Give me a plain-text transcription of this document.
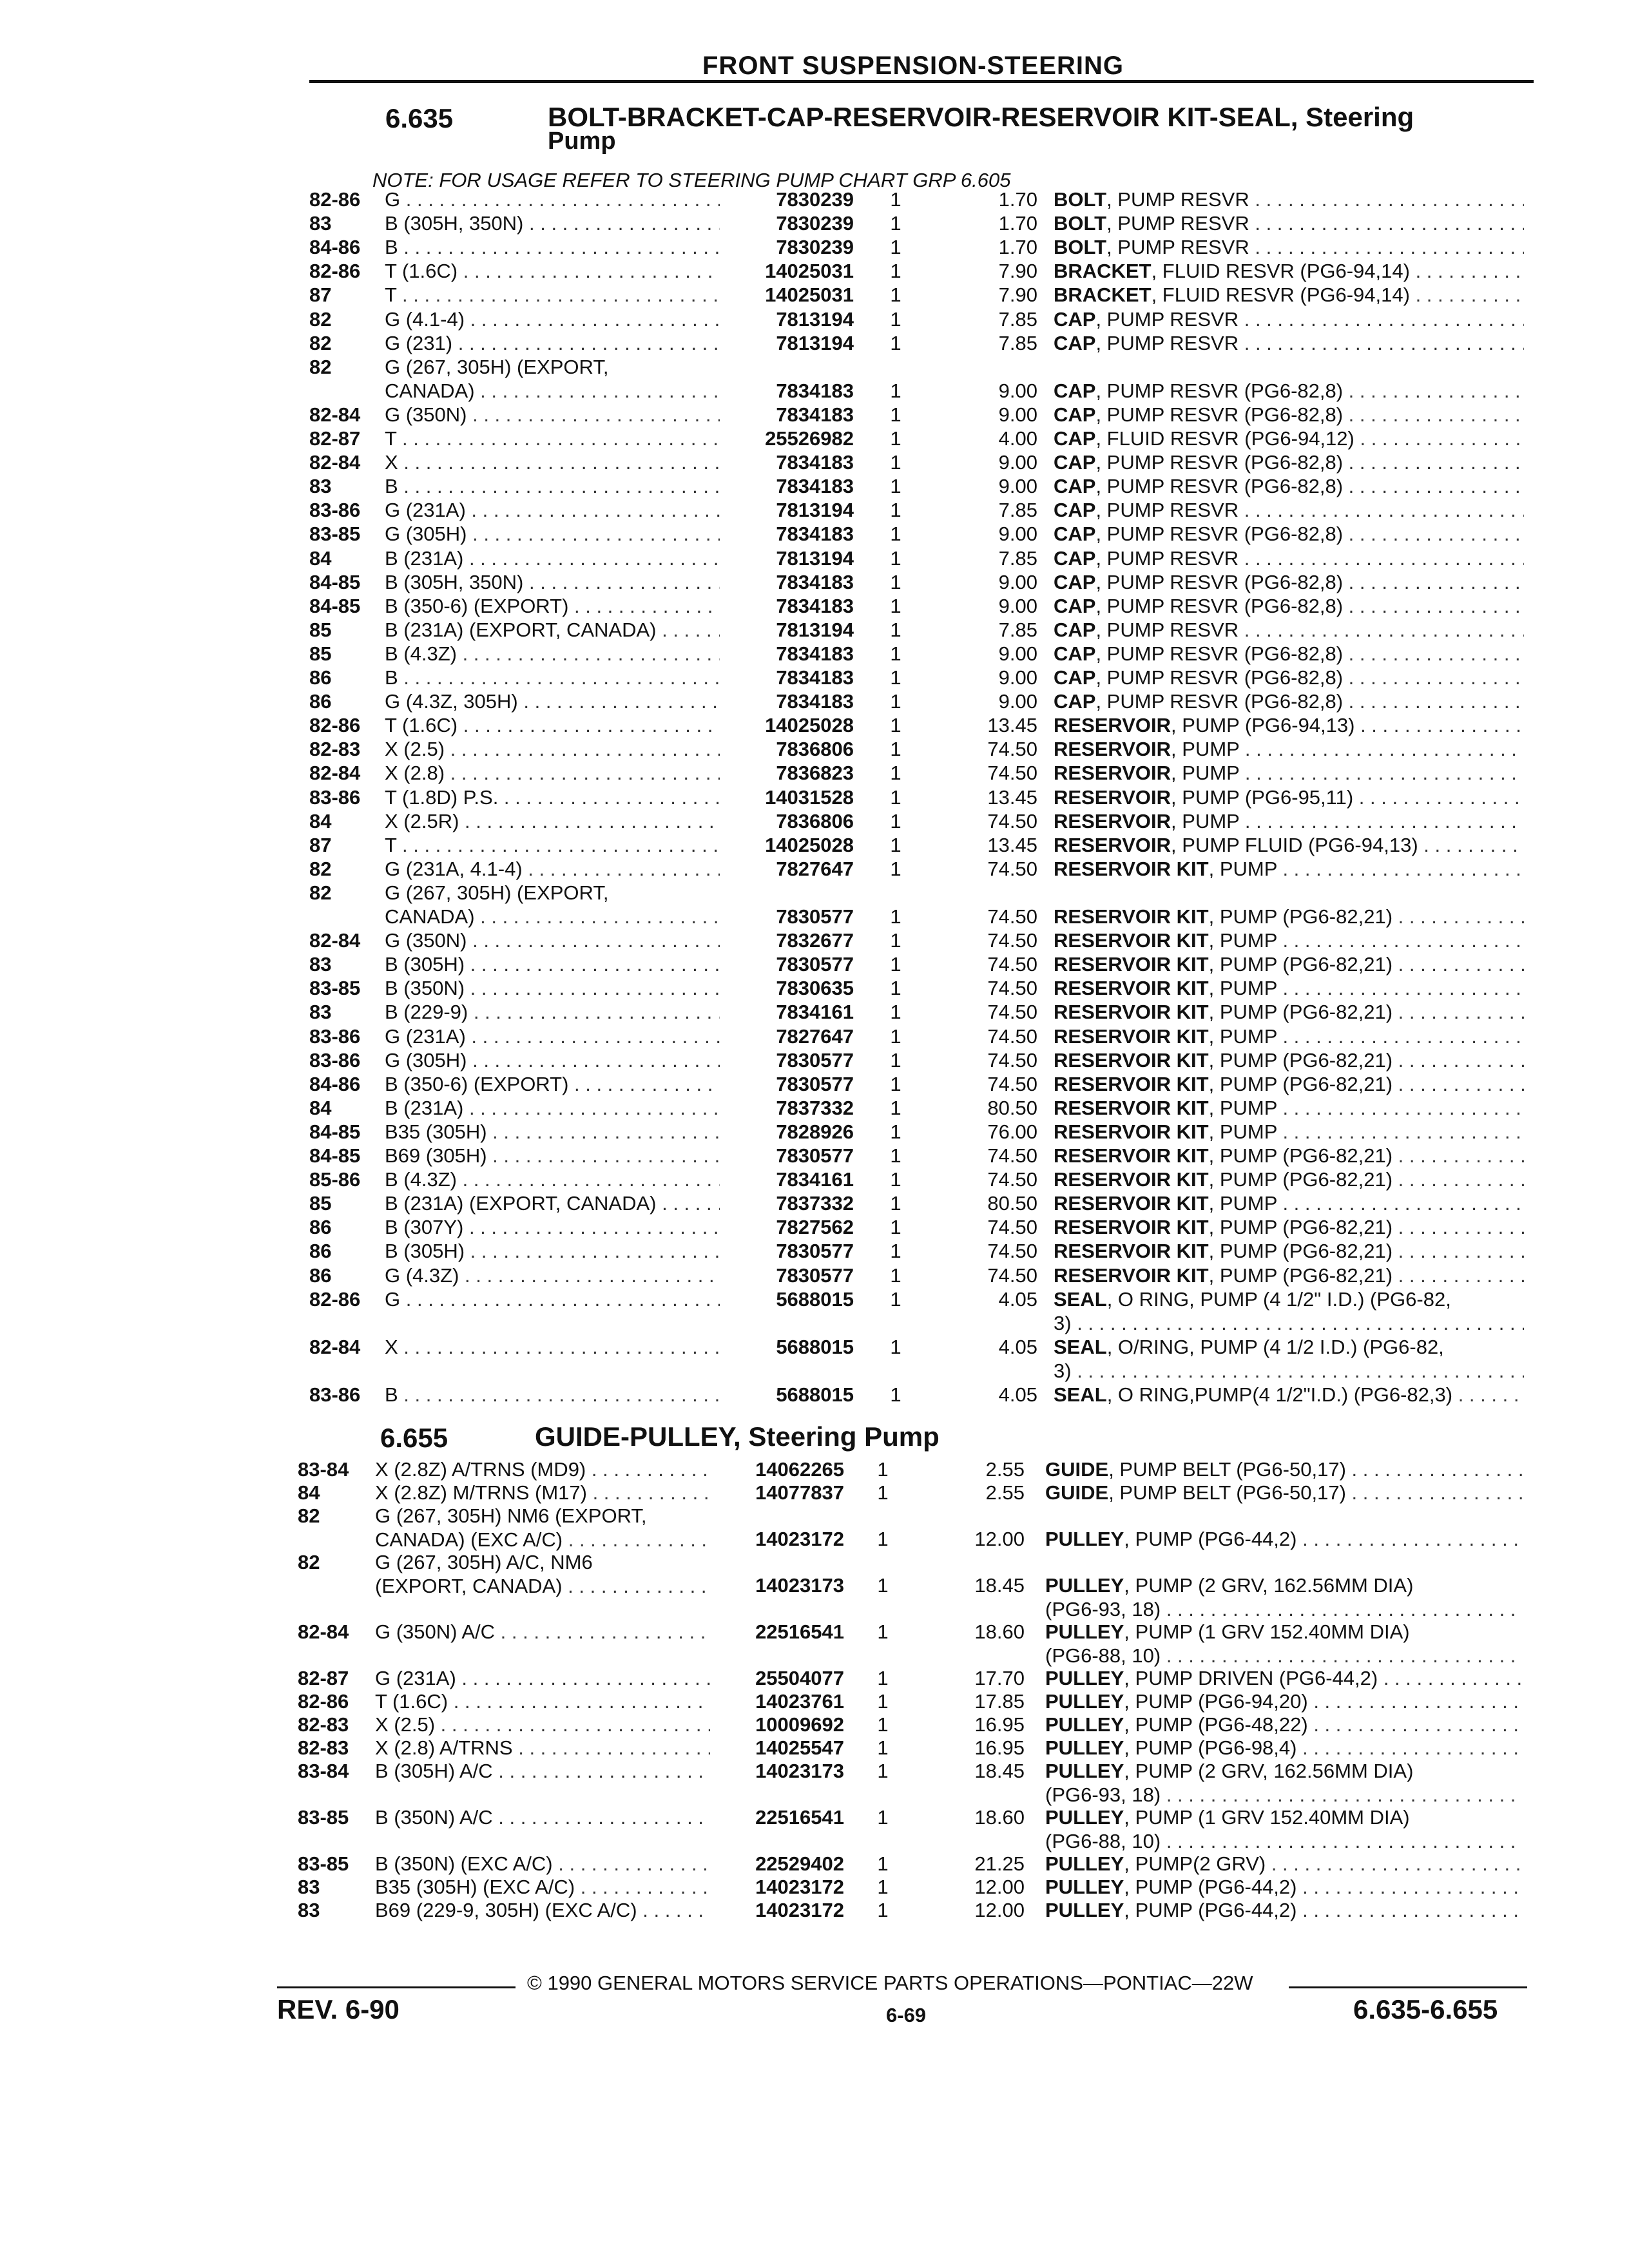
FRONT SUSPENSION-STEERING
6.635	BOLT-BRACKET-CAP-RESERVOIR-RESERVOIR KIT-SEAL, Steering
Pump
NOTE: FOR USAGE REFER TO STEERING PUMP CHART GRP 6.605
82-86 G . . .	7830239 1	1.70 BOLT, PUMP RESVR . . .
83	B (305H, 350N) . . .	7830239 1	1.70 BOLT, PUMP RESVR . . .
84-86 B . . .	7830239 1	1.70 BOLT, PUMP RESVR . . .
82-86 T (1.6C) . . .	14025031 1	7.90 BRACKET, FLUID RESVR (PG6-94,14) . . .
87	T . . .	14025031 1	7.90 BRACKET, FLUID RESVR (PG6-94,14) . . .
82	G (4.1-4) . . .	7813194 1	7.85 CAP, PUMP RESVR . . .
82	G (231) . . .	7813194 1	7.85 CAP, PUMP RESVR . . .
82	G (267, 305H) (EXPORT,
CANADA) . . .	7834183 1	9.00 CAP, PUMP RESVR (PG6-82,8) . . .
82-84 G (350N) . . .	7834183 1	9.00 CAP, PUMP RESVR (PG6-82,8) . . .
82-87 T . . .	25526982 1	4.00 CAP, FLUID RESVR (PG6-94,12) . . .
82-84 X . . .	7834183 1	9.00 CAP, PUMP RESVR (PG6-82,8) . . .
83	B . . .	7834183 1	9.00 CAP, PUMP RESVR (PG6-82,8) . . .
83-86 G (231A) . . .	7813194 1	7.85 CAP, PUMP RESVR . . .
83-85 G (305H) . . .	7834183 1	9.00 CAP, PUMP RESVR (PG6-82,8) . . .
84	B (231A) . . .	7813194 1	7.85 CAP, PUMP RESVR . . .
84-85 B (305H, 350N) . . .	7834183 1	9.00 CAP, PUMP RESVR (PG6-82,8) . . .
84-85 B (350-6) (EXPORT) . . .	7834183 1	9.00 CAP, PUMP RESVR (PG6-82,8) . . .
85	B (231A) (EXPORT, CANADA) . . .	7813194 1	7.85 CAP, PUMP RESVR . . .
85	B (4.3Z) . . .	7834183 1	9.00 CAP, PUMP RESVR (PG6-82,8) . . .
86	B . . .	7834183 1	9.00 CAP, PUMP RESVR (PG6-82,8) . . .
86	G (4.3Z, 305H) . . .	7834183 1	9.00 CAP, PUMP RESVR (PG6-82,8) . . .
82-86 T (1.6C) . . .	14025028 1	13.45 RESERVOIR, PUMP (PG6-94,13) . . .
82-83 X (2.5) . . .	7836806 1	74.50 RESERVOIR, PUMP . . .
82-84 X (2.8) . . .	7836823 1	74.50 RESERVOIR, PUMP . . .
83-86 T (1.8D) P.S. . . .	14031528 1	13.45 RESERVOIR, PUMP (PG6-95,11) . . .
84	X (2.5R) . . .	7836806 1	74.50 RESERVOIR, PUMP . . .
87	T . . .	14025028 1	13.45 RESERVOIR, PUMP FLUID (PG6-94,13) . . .
82	G (231A, 4.1-4) . . .	7827647 1	74.50 RESERVOIR KIT, PUMP . . .
82	G (267, 305H) (EXPORT,
CANADA) . . .	7830577 1	74.50 RESERVOIR KIT, PUMP (PG6-82,21) . . .
82-84 G (350N) . . .	7832677 1	74.50 RESERVOIR KIT, PUMP . . .
83	B (305H) . . .	7830577 1	74.50 RESERVOIR KIT, PUMP (PG6-82,21) . . .
83-85 B (350N) . . .	7830635 1	74.50 RESERVOIR KIT, PUMP . . .
83	B (229-9) . . .	7834161 1	74.50 RESERVOIR KIT, PUMP (PG6-82,21) . . .
83-86 G (231A) . . .	7827647 1	74.50 RESERVOIR KIT, PUMP . . .
83-86 G (305H) . . .	7830577 1	74.50 RESERVOIR KIT, PUMP (PG6-82,21) . . .
84-86 B (350-6) (EXPORT) . . .	7830577 1	74.50 RESERVOIR KIT, PUMP (PG6-82,21) . . .
84	B (231A) . . .	7837332 1	80.50 RESERVOIR KIT, PUMP . . .
84-85 B35 (305H) . . .	7828926 1	76.00 RESERVOIR KIT, PUMP . . .
84-85 B69 (305H) . . .	7830577 1	74.50 RESERVOIR KIT, PUMP (PG6-82,21) . . .
85-86 B (4.3Z) . . .	7834161 1	74.50 RESERVOIR KIT, PUMP (PG6-82,21) . . .
85	B (231A) (EXPORT, CANADA) . . .	7837332 1	80.50 RESERVOIR KIT, PUMP . . .
86	B (307Y) . . .	7827562 1	74.50 RESERVOIR KIT, PUMP (PG6-82,21) . . .
86	B (305H) . . .	7830577 1	74.50 RESERVOIR KIT, PUMP (PG6-82,21) . . .
86	G (4.3Z) . . .	7830577 1	74.50 RESERVOIR KIT, PUMP (PG6-82,21) . . .
82-86 G . . .	5688015 1	4.05 SEAL, O RING, PUMP (4 1/2" I.D.) (PG6-82,
3) . . .
82-84 X . . .	5688015 1	4.05 SEAL, O/RING, PUMP (4 1/2 I.D.) (PG6-82,
3) . . .
83-86 B . . .	5688015 1	4.05 SEAL, O RING,PUMP(4 1/2"I.D.) (PG6-82,3) . . .
6.655	GUIDE-PULLEY, Steering Pump
83-84 X (2.8Z) A/TRNS (MD9) . . .	14062265 1	2.55 GUIDE, PUMP BELT (PG6-50,17) . . .
84	X (2.8Z) M/TRNS (M17) . . .	14077837 1	2.55 GUIDE, PUMP BELT (PG6-50,17) . . .
82	G (267, 305H) NM6 (EXPORT,
CANADA) (EXC A/C) . . .	14023172 1	12.00 PULLEY, PUMP (PG6-44,2) . . .
82	G (267, 305H) A/C, NM6
(EXPORT, CANADA) . . .	14023173 1	18.45 PULLEY, PUMP (2 GRV, 162.56MM DIA)
(PG6-93, 18) . . .
82-84 G (350N) A/C . . .	22516541 1	18.60 PULLEY, PUMP (1 GRV 152.40MM DIA)
(PG6-88, 10) . . .
82-87 G (231A) . . .	25504077 1	17.70 PULLEY, PUMP DRIVEN (PG6-44,2) . . .
82-86 T (1.6C) . . .	14023761 1	17.85 PULLEY, PUMP (PG6-94,20) . . .
82-83 X (2.5) . . .	10009692 1	16.95 PULLEY, PUMP (PG6-48,22) . . .
82-83 X (2.8) A/TRNS . . .	14025547 1	16.95 PULLEY, PUMP (PG6-98,4) . . .
83-84 B (305H) A/C . . .	14023173 1	18.45 PULLEY, PUMP (2 GRV, 162.56MM DIA)
(PG6-93, 18) . . .
83-85 B (350N) A/C . . .	22516541 1	18.60 PULLEY, PUMP (1 GRV 152.40MM DIA)
(PG6-88, 10) . . .
83-85 B (350N) (EXC A/C) . . .	22529402 1	21.25 PULLEY, PUMP(2 GRV) . . .
83	B35 (305H) (EXC A/C) . . .	14023172 1	12.00 PULLEY, PUMP (PG6-44,2) . . .
83	B69 (229-9, 305H) (EXC A/C) . . .	14023172 1	12.00 PULLEY, PUMP (PG6-44,2) . . .
© 1990 GENERAL MOTORS SERVICE PARTS OPERATIONS—PONTIAC—22W
REV. 6-90	6-69	6.635-6.655
